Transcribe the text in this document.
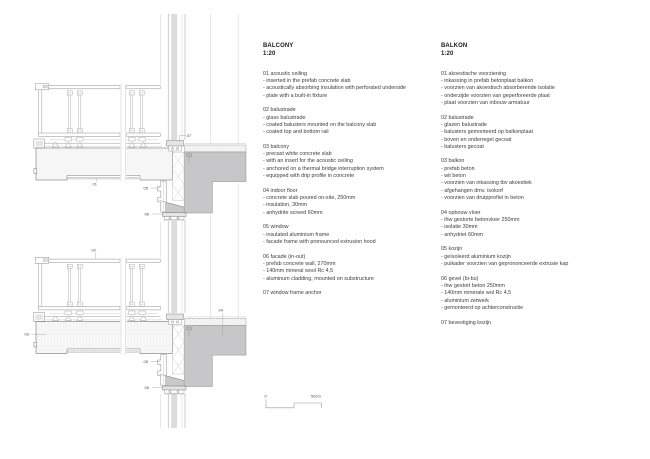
07
01
05
06
02
03
04
05
06
0	50cm
BALCONY
1:20
01 acoustic ceiling
- inserted in the prefab concrete slab
- acoustically absorbing insulation with perforated underside
- plate with a built-in fixture
02 balustrade
- glass balustrade
- coated balusters mounted on the balcony slab
- coated top and bottom rail
03 balcony
- precast white concrete slab
- with an insert for the acoustic ceiling
- anchored on a thermal bridge interruption system
- equipped with drip profile in concrete
04 indoor floor
- concrete slab poured on-site, 250mm
- insulation, 30mm
- anhydrite screed 60mm
05 window
- insulated aluminium frame
- facade frame with pronounced extrusion hood
06 facade (in-out)
- prefab concrete wall, 270mm
- 140mm mineral wool Rc 4,5
- aluminum cladding, mounted on substructure
07 window frame anchor
BALKON
1:20
01 akoestische voorziening
- inkassing in prefab betonplaat balkon
- voorzien van akoestisch absorberende isolatie
- onderzijde voorzien van geperforeerde plaat
- plaat voorzien van inbouw armatuur
02 balustrade
- glazen balustrade
- balusters gemonteerd op balkonplaat
- boven en onderregel gecoat
- balusters gecoat
03 balkon
- prefab beton
- wit beton
- voorzien van inkassing tbv akoestiek
- afgehangen dmv. isokorf
- voorzien van druipprofiel in beton
04 opbouw vloer
- ihw gestorte betonvloer 250mm
- isolatie 30mm
- anhydriet 60mm
05 kozijn
- geïsoleerd aluminium kozijn
- puikader voorzien van geprononceerde extrusie kap
06 gevel (bi-bu)
- ihw gestort beton 250mm
- 140mm minerale wol Rc 4,5
- aluminium zetwerk
- gemonteerd op achterconstructie
07 bevestiging kozijn
